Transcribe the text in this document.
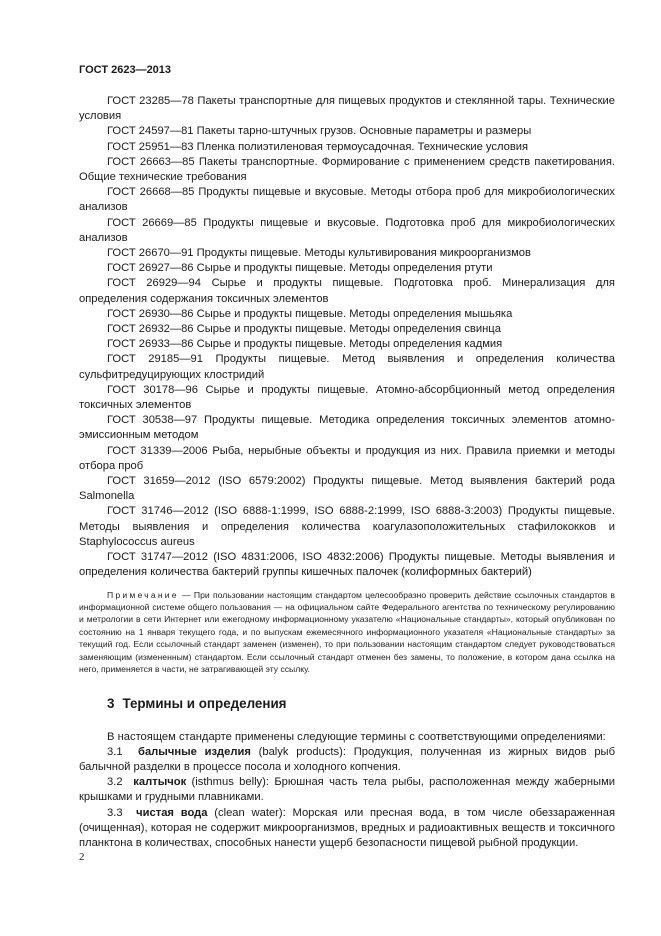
ГОСТ 2623—2013

ГОСТ 23285—78 Пакеты транспортные для пищевых продуктов и стеклянной тары. Технические условия

ГОСТ 24597—81 Пакеты тарно-штучных грузов. Основные параметры и размеры

ГОСТ 25951—83 Пленка полиэтиленовая термоусадочная. Технические условия

ГОСТ 26663—85 Пакеты транспортные. Формирование с применением средств пакетирования. Общие технические требования

ГОСТ 26668—85 Продукты пищевые и вкусовые. Методы отбора проб для микробиологических анализов

ГОСТ 26669—85 Продукты пищевые и вкусовые. Подготовка проб для микробиологических анализов

ГОСТ 26670—91 Продукты пищевые. Методы культивирования микроорганизмов

ГОСТ 26927—86 Сырье и продукты пищевые. Методы определения ртути

ГОСТ 26929—94 Сырье и продукты пищевые. Подготовка проб. Минерализация для определения содержания токсичных элементов

ГОСТ 26930—86 Сырье и продукты пищевые. Методы определения мышьяка

ГОСТ 26932—86 Сырье и продукты пищевые. Методы определения свинца

ГОСТ 26933—86 Сырье и продукты пищевые. Методы определения кадмия

ГОСТ 29185—91 Продукты пищевые. Метод выявления и определения количества сульфитредуцирующих клостридий

ГОСТ 30178—96 Сырье и продукты пищевые. Атомно-абсорбционный метод определения токсичных элементов

ГОСТ 30538—97 Продукты пищевые. Методика определения токсичных элементов атомно-эмиссионным методом

ГОСТ 31339—2006 Рыба, нерыбные объекты и продукция из них. Правила приемки и методы отбора проб

ГОСТ 31659—2012 (ISO 6579:2002) Продукты пищевые. Метод выявления бактерий рода Salmonella

ГОСТ 31746—2012 (ISO 6888-1:1999, ISO 6888-2:1999, ISO 6888-3:2003) Продукты пищевые. Методы выявления и определения количества коагулазоположительных стафилококков и Staphylococcus aureus

ГОСТ 31747—2012 (ISO 4831:2006, ISO 4832:2006) Продукты пищевые. Методы выявления и определения количества бактерий группы кишечных палочек (колиформных бактерий)

Примечание — При пользовании настоящим стандартом целесообразно проверить действие ссылочных стандартов в информационной системе общего пользования — на официальном сайте Федерального агентства по техническому регулированию и метрологии в сети Интернет или ежегодному информационному указателю «Национальные стандарты», который опубликован по состоянию на 1 января текущего года, и по выпускам ежемесячного информационного указателя «Национальные стандарты» за текущий год. Если ссылочный стандарт заменен (изменен), то при пользовании настоящим стандартом следует руководствоваться заменяющим (измененным) стандартом. Если ссылочный стандарт отменен без замены, то положение, в котором дана ссылка на него, применяется в части, не затрагивающей эту ссылку.

3 Термины и определения

В настоящем стандарте применены следующие термины с соответствующими определениями:

3.1 балычные изделия (balyk products): Продукция, полученная из жирных видов рыб балычной разделки в процессе посола и холодного копчения.

3.2 калтычок (isthmus belly): Брюшная часть тела рыбы, расположенная между жаберными крышками и грудными плавниками.

3.3 чистая вода (clean water): Морская или пресная вода, в том числе обеззараженная (очищенная), которая не содержит микроорганизмов, вредных и радиоактивных веществ и токсичного планктона в количествах, способных нанести ущерб безопасности пищевой рыбной продукции.

2
